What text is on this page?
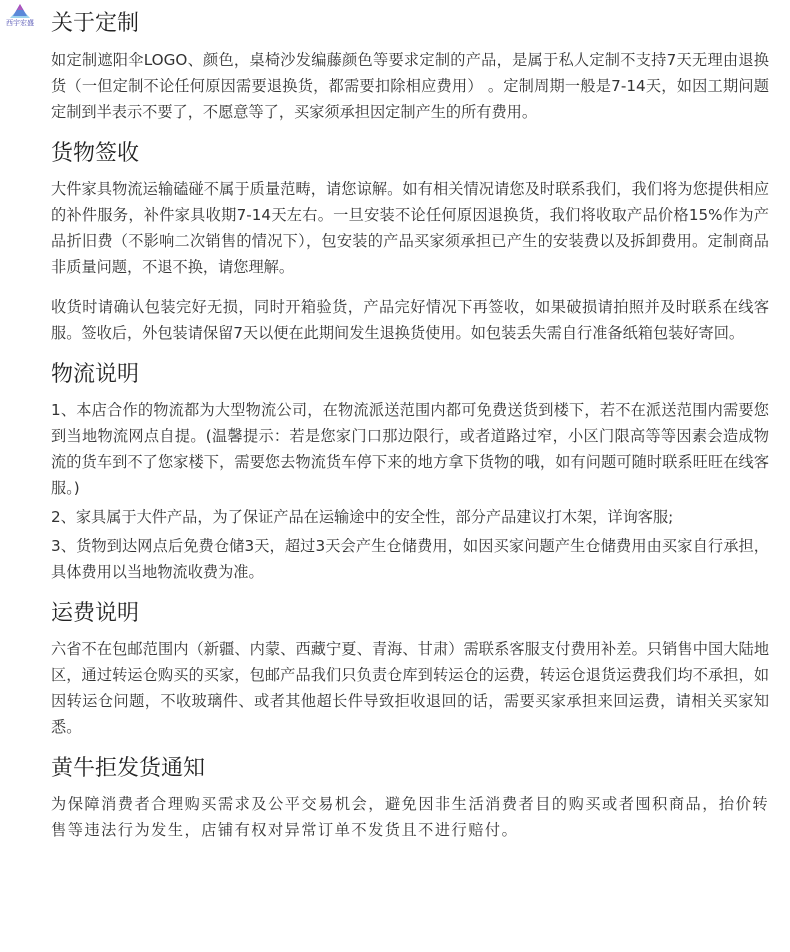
西宇宏盛 关于定制

如定制遮阳伞LOGO、颜色，桌椅沙发编藤颜色等要求定制的产品，是属于私人定制不支持7天无理由退换货（一但定制不论任何原因需要退换货，都需要扣除相应费用） 。定制周期一般是7-14天，如因工期问题定制到半表示不要了，不愿意等了，买家须承担因定制产生的所有费用。

货物签收

大件家具物流运输磕碰不属于质量范畴，请您谅解。如有相关情况请您及时联系我们，我们将为您提供相应的补件服务，补件家具收期7-14天左右。一旦安装不论任何原因退换货，我们将收取产品价格15%作为产品折旧费（不影响二次销售的情况下），包安装的产品买家须承担已产生的安装费以及拆卸费用。定制商品非质量问题，不退不换，请您理解。

收货时请确认包装完好无损，同时开箱验货，产品完好情况下再签收，如果破损请拍照并及时联系在线客服。签收后，外包装请保留7天以便在此期间发生退换货使用。如包装丢失需自行准备纸箱包装好寄回。

物流说明

1、本店合作的物流都为大型物流公司，在物流派送范围内都可免费送货到楼下，若不在派送范围内需要您到当地物流网点自提。(温馨提示：若是您家门口那边限行，或者道路过窄，小区门限高等等因素会造成物流的货车到不了您家楼下，需要您去物流货车停下来的地方拿下货物的哦，如有问题可随时联系旺旺在线客服。)

2、家具属于大件产品，为了保证产品在运输途中的安全性，部分产品建议打木架，详询客服;

3、货物到达网点后免费仓储3天，超过3天会产生仓储费用，如因买家问题产生仓储费用由买家自行承担，具体费用以当地物流收费为准。

运费说明

六省不在包邮范围内（新疆、内蒙、西藏宁夏、青海、甘肃）需联系客服支付费用补差。只销售中国大陆地区，通过转运仓购买的买家，包邮产品我们只负责仓库到转运仓的运费，转运仓退货运费我们均不承担，如因转运仓问题，不收玻璃件、或者其他超长件导致拒收退回的话，需要买家承担来回运费，请相关买家知悉。

黄牛拒发货通知

为保障消费者合理购买需求及公平交易机会，避免因非生活消费者目的购买或者囤积商品，抬价转售等违法行为发生，店铺有权对异常订单不发货且不进行赔付。
